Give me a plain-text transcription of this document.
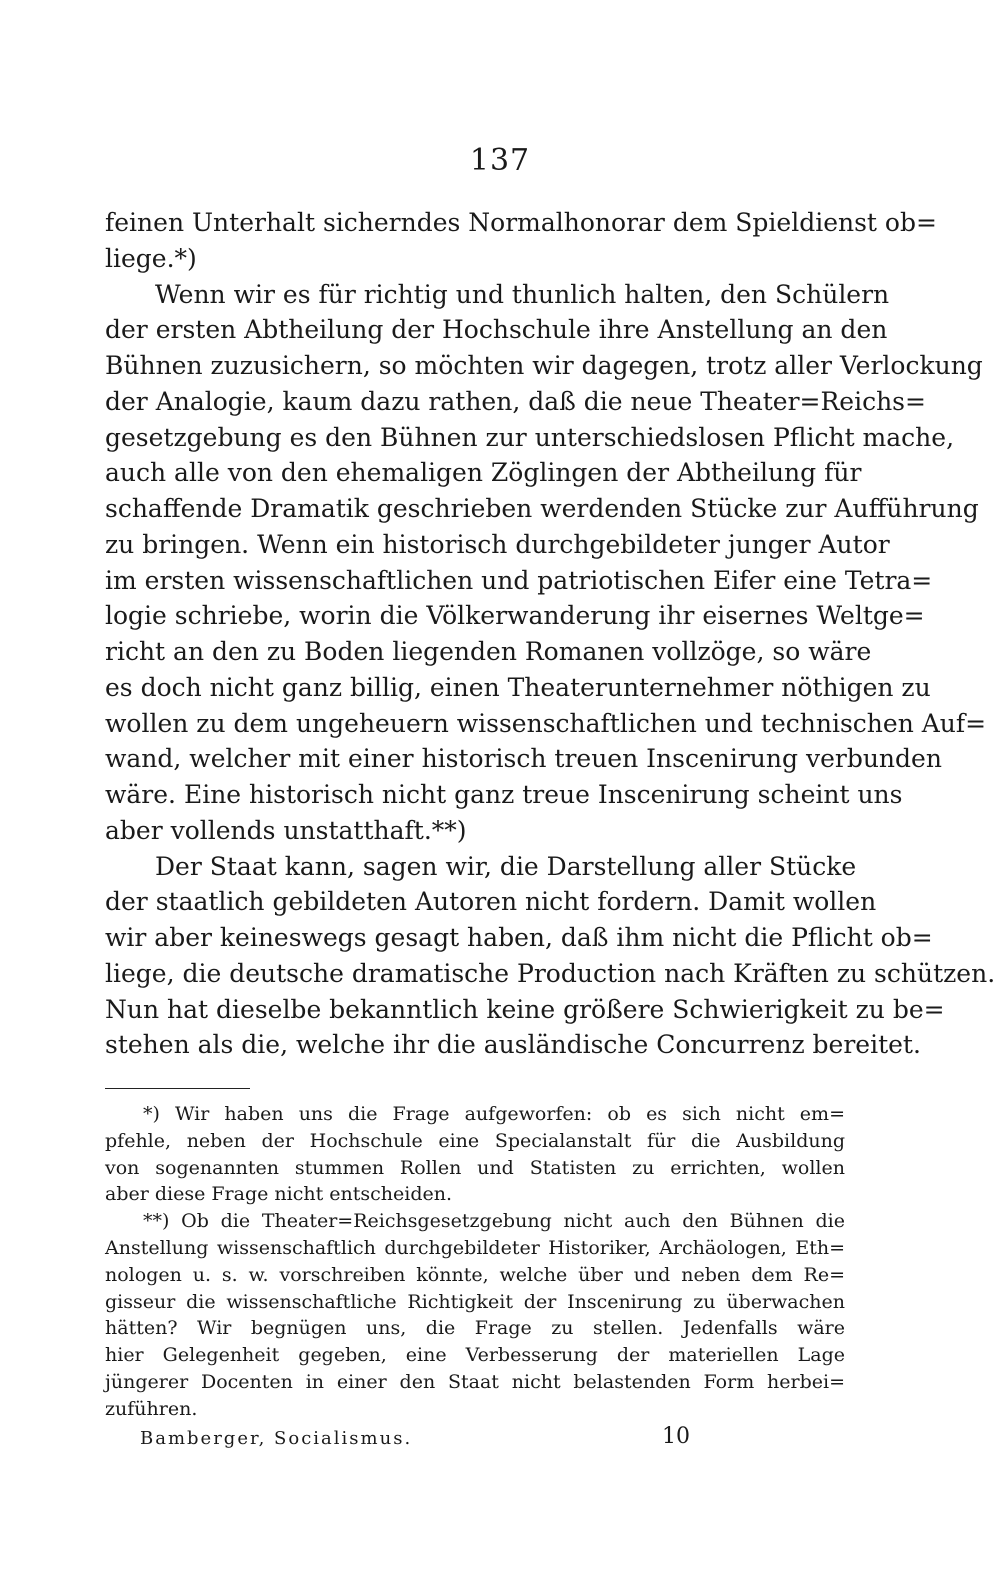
137
feinen Unterhalt sicherndes Normalhonorar dem Spieldienst ob=
liege.*)
Wenn wir es für richtig und thunlich halten, den Schülern
der ersten Abtheilung der Hochschule ihre Anstellung an den
Bühnen zuzusichern, so möchten wir dagegen, trotz aller Verlockung
der Analogie, kaum dazu rathen, daß die neue Theater=Reichs=
gesetzgebung es den Bühnen zur unterschiedslosen Pflicht mache,
auch alle von den ehemaligen Zöglingen der Abtheilung für
schaffende Dramatik geschrieben werdenden Stücke zur Aufführung
zu bringen. Wenn ein historisch durchgebildeter junger Autor
im ersten wissenschaftlichen und patriotischen Eifer eine Tetra=
logie schriebe, worin die Völkerwanderung ihr eisernes Weltge=
richt an den zu Boden liegenden Romanen vollzöge, so wäre
es doch nicht ganz billig, einen Theaterunternehmer nöthigen zu
wollen zu dem ungeheuern wissenschaftlichen und technischen Auf=
wand, welcher mit einer historisch treuen Inscenirung verbunden
wäre. Eine historisch nicht ganz treue Inscenirung scheint uns
aber vollends unstatthaft.**)
Der Staat kann, sagen wir, die Darstellung aller Stücke
der staatlich gebildeten Autoren nicht fordern. Damit wollen
wir aber keineswegs gesagt haben, daß ihm nicht die Pflicht ob=
liege, die deutsche dramatische Production nach Kräften zu schützen.
Nun hat dieselbe bekanntlich keine größere Schwierigkeit zu be=
stehen als die, welche ihr die ausländische Concurrenz bereitet.
*) Wir haben uns die Frage aufgeworfen: ob es sich nicht em=
pfehle, neben der Hochschule eine Specialanstalt für die Ausbildung
von sogenannten stummen Rollen und Statisten zu errichten, wollen
aber diese Frage nicht entscheiden.
**) Ob die Theater=Reichsgesetzgebung nicht auch den Bühnen die
Anstellung wissenschaftlich durchgebildeter Historiker, Archäologen, Eth=
nologen u. s. w. vorschreiben könnte, welche über und neben dem Re=
gisseur die wissenschaftliche Richtigkeit der Inscenirung zu überwachen
hätten? Wir begnügen uns, die Frage zu stellen. Jedenfalls wäre
hier Gelegenheit gegeben, eine Verbesserung der materiellen Lage
jüngerer Docenten in einer den Staat nicht belastenden Form herbei=
zuführen.
Bamberger, Socialismus.	10
